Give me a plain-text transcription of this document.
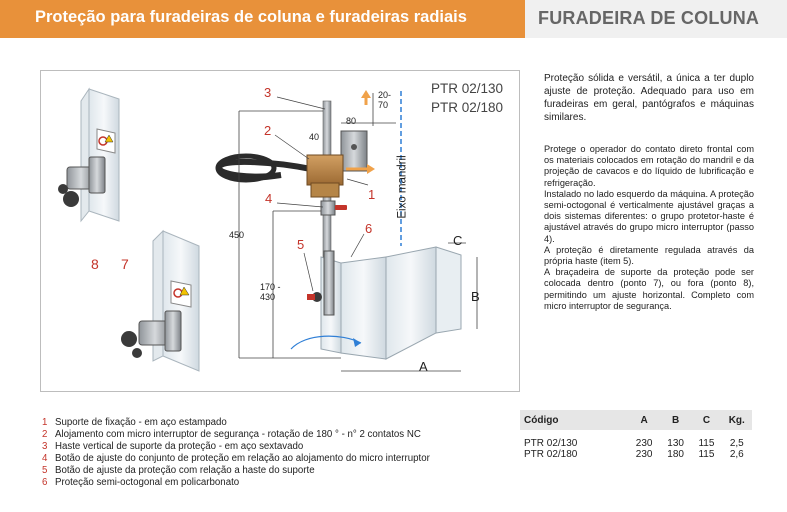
Proteção para furadeiras de coluna e furadeiras radiais	FURADEIRA DE COLUNA
PTR 02/130
PTR 02/180
3
2
1
4
5
6
7
8
C
B
A
20-
70
80
40
450
170 -
430
Eixo mandril
Proteção sólida e versátil, a única a ter duplo ajuste de proteção. Adequado para uso em furadeiras em geral, pantógrafos e máquinas similares.

Protege o operador do contato direto frontal com os materiais colocados em rotação do mandril e da projeção de cavacos e do líquido de lubrificação e refrigeração.

Instalado no lado esquerdo da máquina. A proteção semi-octogonal é verticalmente ajustável graças a dois sistemas diferentes: o grupo protetor-haste é ajustável através do grupo micro interruptor (passo 4).

A proteção é diretamente regulada através da própria haste (item 5).

A braçadeira de suporte da proteção pode ser colocada dentro (ponto 7), ou fora (ponto 8), permitindo um ajuste horizontal. Completo com micro interruptor de segurança.

1 Suporte de fixação - em aço estampado
2 Alojamento com micro interruptor de segurança - rotação de 180 ° - n° 2 contatos NC
3 Haste vertical de suporte da proteção - em aço sextavado
4 Botão de ajuste do conjunto de proteção em relação ao alojamento do micro interruptor
5 Botão de ajuste da proteção com relação a haste do suporte
6 Proteção semi-octogonal em policarbonato
Código	A	B	C	Kg.

PTR 02/130	230	130	115	2,5
PTR 02/180	230	180	115	2,6
